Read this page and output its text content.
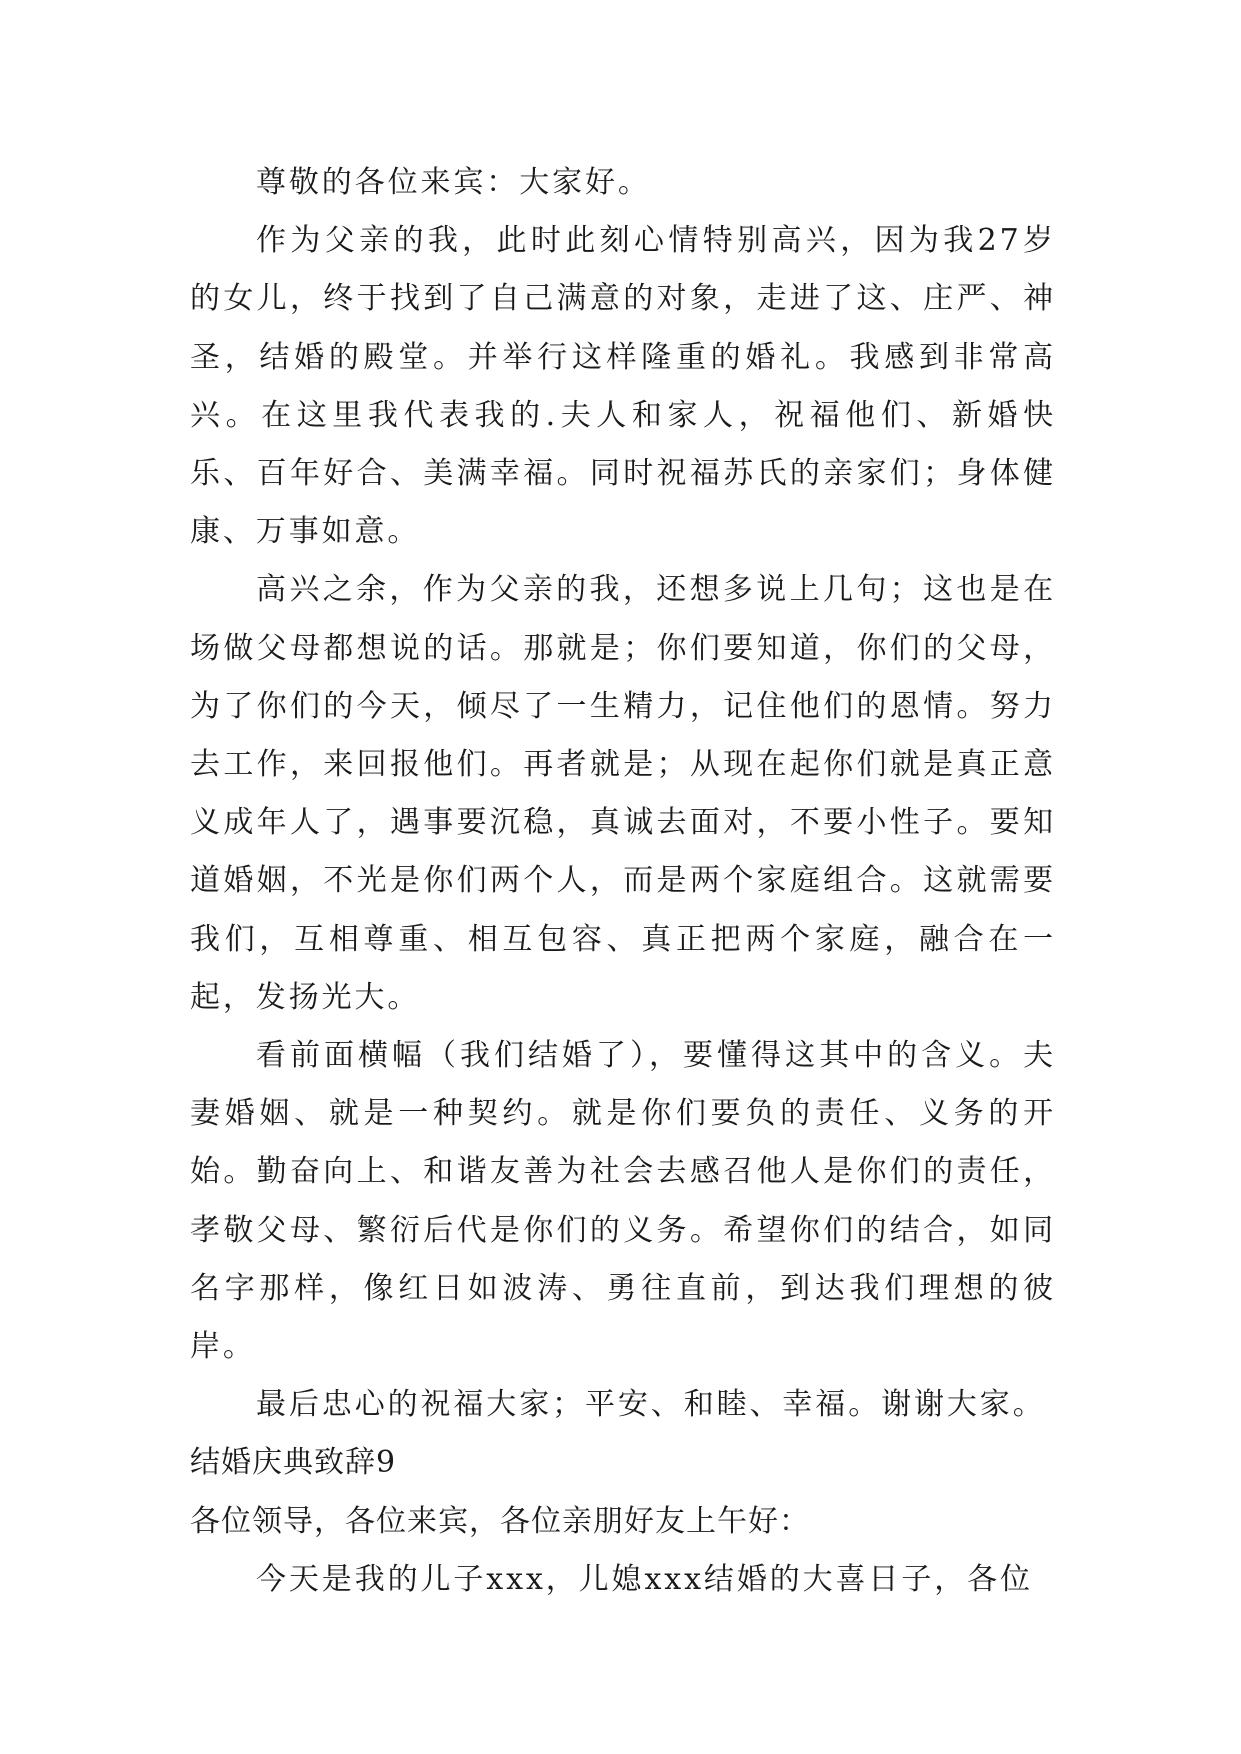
尊敬的各位来宾：大家好。

作为父亲的我，此时此刻心情特别高兴，因为我27岁的女儿，终于找到了自己满意的对象，走进了这、庄严、神圣，结婚的殿堂。并举行这样隆重的婚礼。我感到非常高兴。在这里我代表我的.夫人和家人，祝福他们、新婚快乐、百年好合、美满幸福。同时祝福苏氏的亲家们；身体健康、万事如意。

高兴之余，作为父亲的我，还想多说上几句；这也是在场做父母都想说的话。那就是；你们要知道，你们的父母，为了你们的今天，倾尽了一生精力，记住他们的恩情。努力去工作，来回报他们。再者就是；从现在起你们就是真正意义成年人了，遇事要沉稳，真诚去面对，不要小性子。要知道婚姻，不光是你们两个人，而是两个家庭组合。这就需要我们，互相尊重、相互包容、真正把两个家庭，融合在一起，发扬光大。

看前面横幅（我们结婚了），要懂得这其中的含义。夫妻婚姻、就是一种契约。就是你们要负的责任、义务的开始。勤奋向上、和谐友善为社会去感召他人是你们的责任，孝敬父母、繁衍后代是你们的义务。希望你们的结合，如同名字那样，像红日如波涛、勇往直前，到达我们理想的彼岸。

最后忠心的祝福大家；平安、和睦、幸福。谢谢大家。

结婚庆典致辞9

各位领导，各位来宾，各位亲朋好友上午好：

今天是我的儿子xxx，儿媳xxx结婚的大喜日子，各位
